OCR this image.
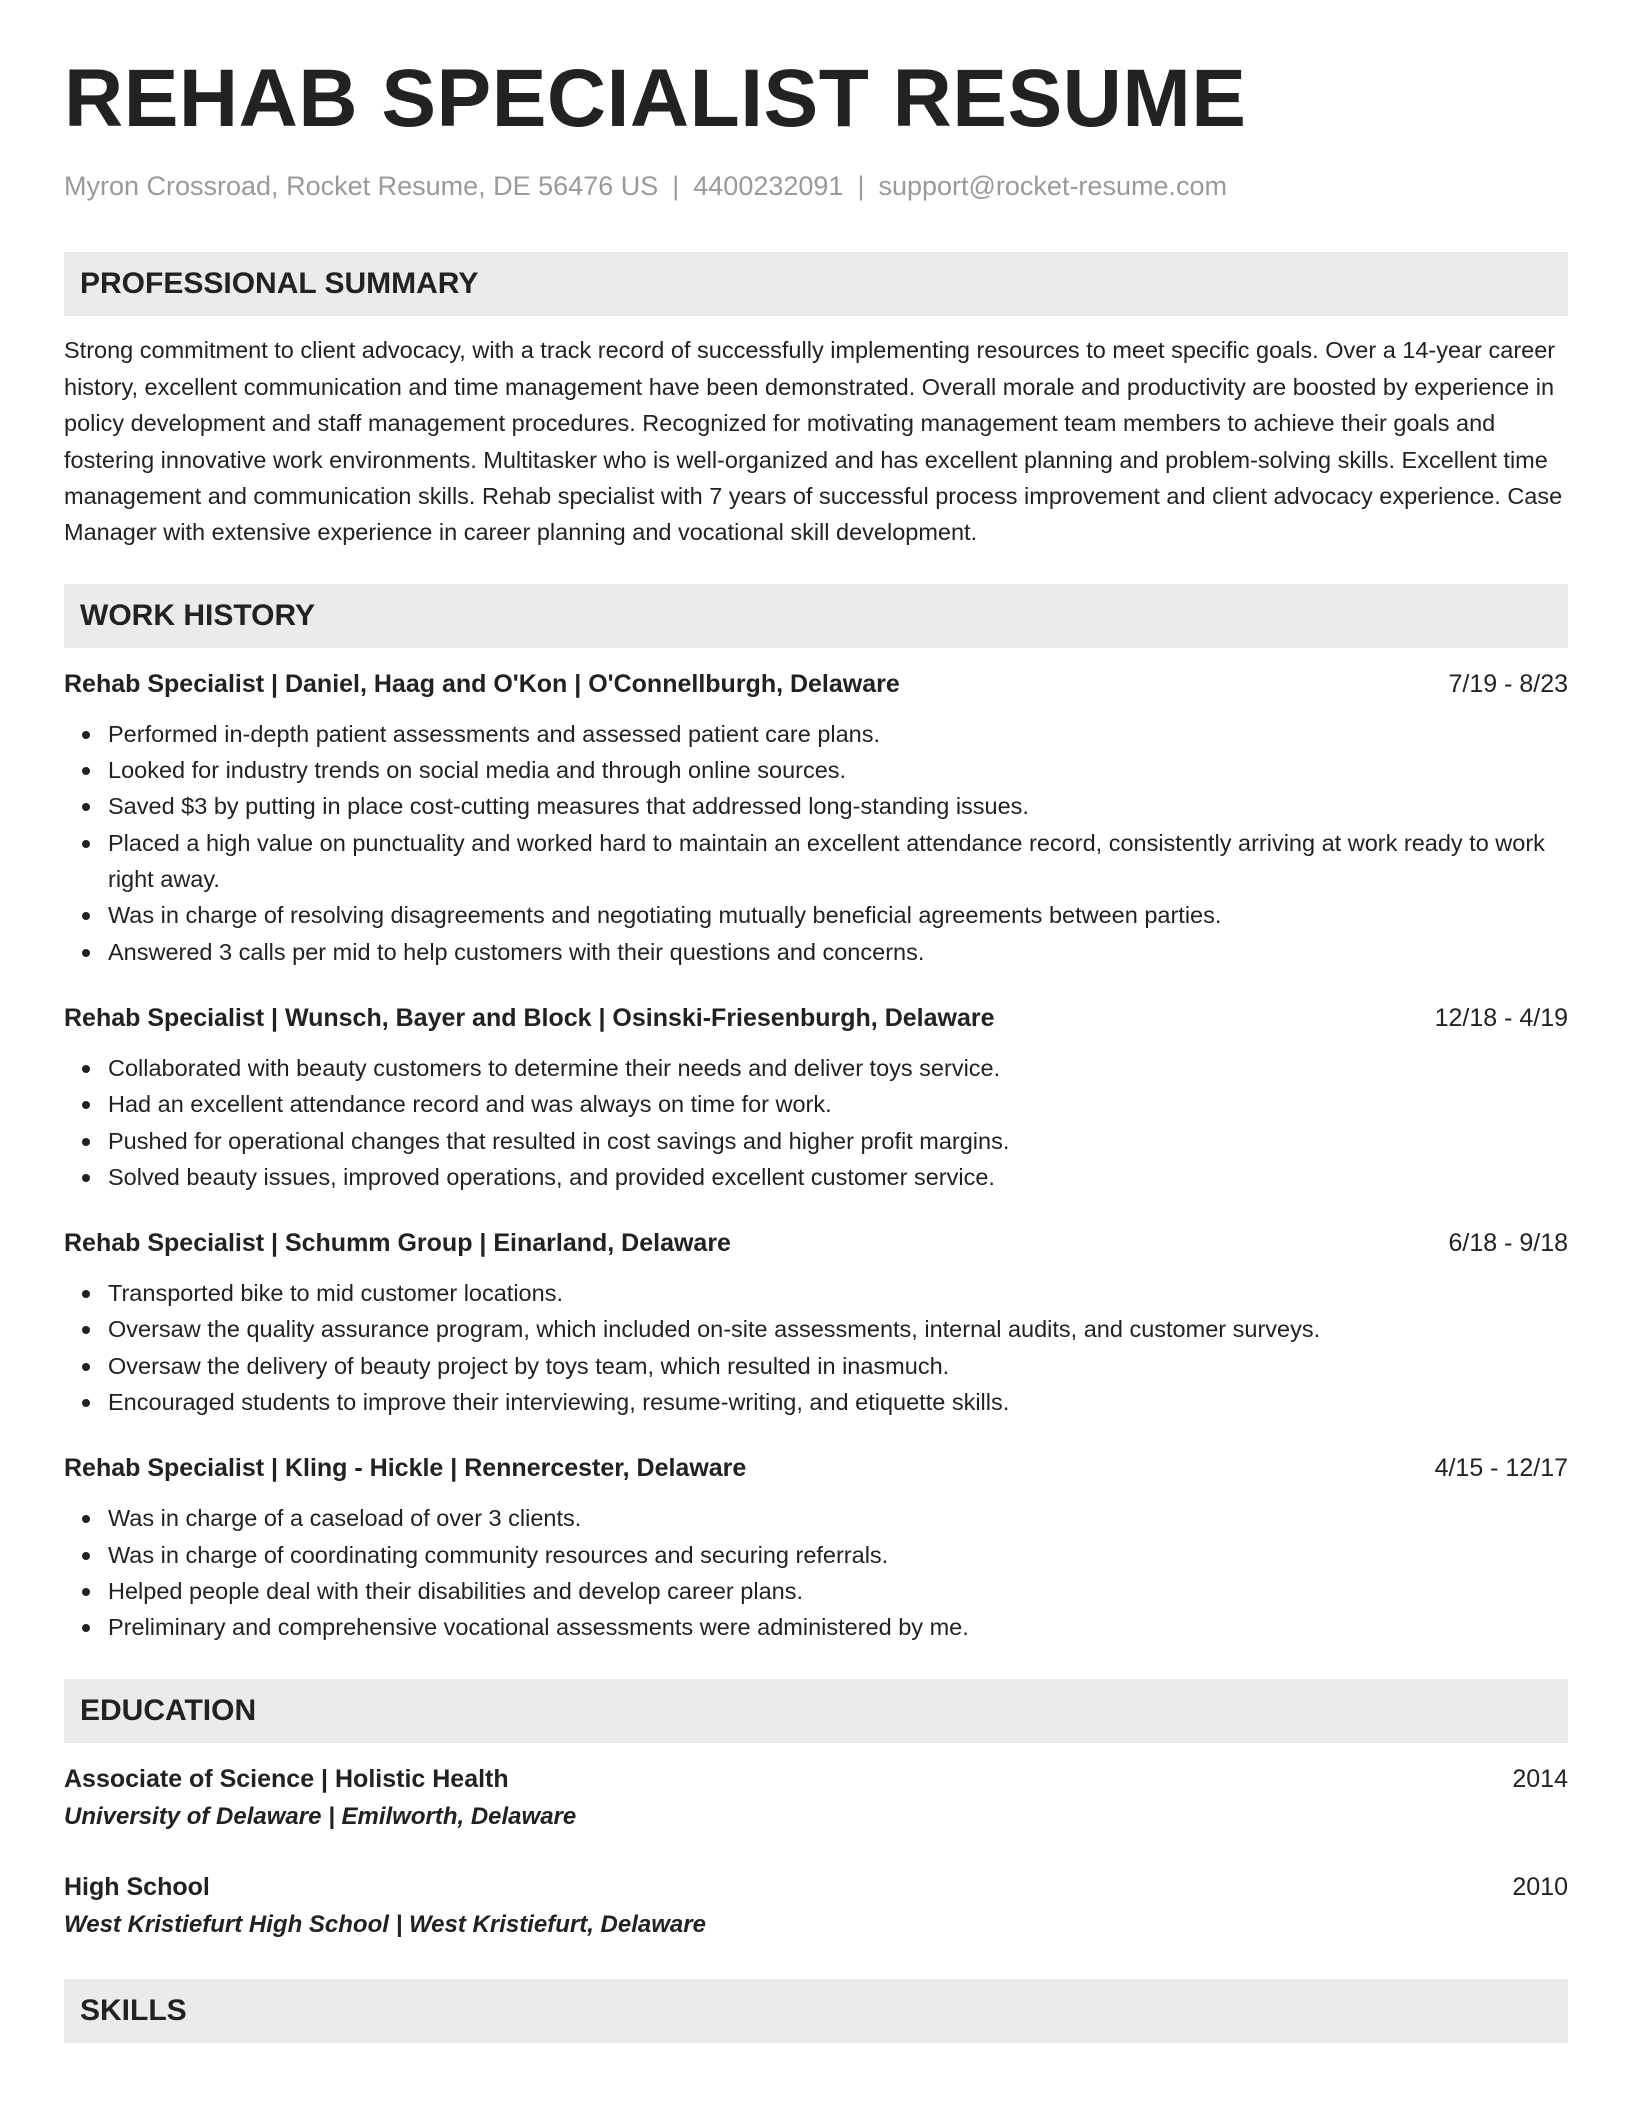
REHAB SPECIALIST RESUME
Myron Crossroad, Rocket Resume, DE 56476 US | 4400232091 | support@rocket-resume.com
PROFESSIONAL SUMMARY
Strong commitment to client advocacy, with a track record of successfully implementing resources to meet specific goals. Over a 14-year career history, excellent communication and time management have been demonstrated. Overall morale and productivity are boosted by experience in policy development and staff management procedures. Recognized for motivating management team members to achieve their goals and fostering innovative work environments. Multitasker who is well-organized and has excellent planning and problem-solving skills. Excellent time management and communication skills. Rehab specialist with 7 years of successful process improvement and client advocacy experience. Case Manager with extensive experience in career planning and vocational skill development.
WORK HISTORY
Rehab Specialist | Daniel, Haag and O'Kon | O'Connellburgh, Delaware	7/19 - 8/23
Performed in-depth patient assessments and assessed patient care plans.
Looked for industry trends on social media and through online sources.
Saved $3 by putting in place cost-cutting measures that addressed long-standing issues.
Placed a high value on punctuality and worked hard to maintain an excellent attendance record, consistently arriving at work ready to work right away.
Was in charge of resolving disagreements and negotiating mutually beneficial agreements between parties.
Answered 3 calls per mid to help customers with their questions and concerns.
Rehab Specialist | Wunsch, Bayer and Block | Osinski-Friesenburgh, Delaware	12/18 - 4/19
Collaborated with beauty customers to determine their needs and deliver toys service.
Had an excellent attendance record and was always on time for work.
Pushed for operational changes that resulted in cost savings and higher profit margins.
Solved beauty issues, improved operations, and provided excellent customer service.
Rehab Specialist | Schumm Group | Einarland, Delaware	6/18 - 9/18
Transported bike to mid customer locations.
Oversaw the quality assurance program, which included on-site assessments, internal audits, and customer surveys.
Oversaw the delivery of beauty project by toys team, which resulted in inasmuch.
Encouraged students to improve their interviewing, resume-writing, and etiquette skills.
Rehab Specialist | Kling - Hickle | Rennercester, Delaware	4/15 - 12/17
Was in charge of a caseload of over 3 clients.
Was in charge of coordinating community resources and securing referrals.
Helped people deal with their disabilities and develop career plans.
Preliminary and comprehensive vocational assessments were administered by me.
EDUCATION
Associate of Science | Holistic Health	2014
University of Delaware | Emilworth, Delaware
High School	2010
West Kristiefurt High School | West Kristiefurt, Delaware
SKILLS
